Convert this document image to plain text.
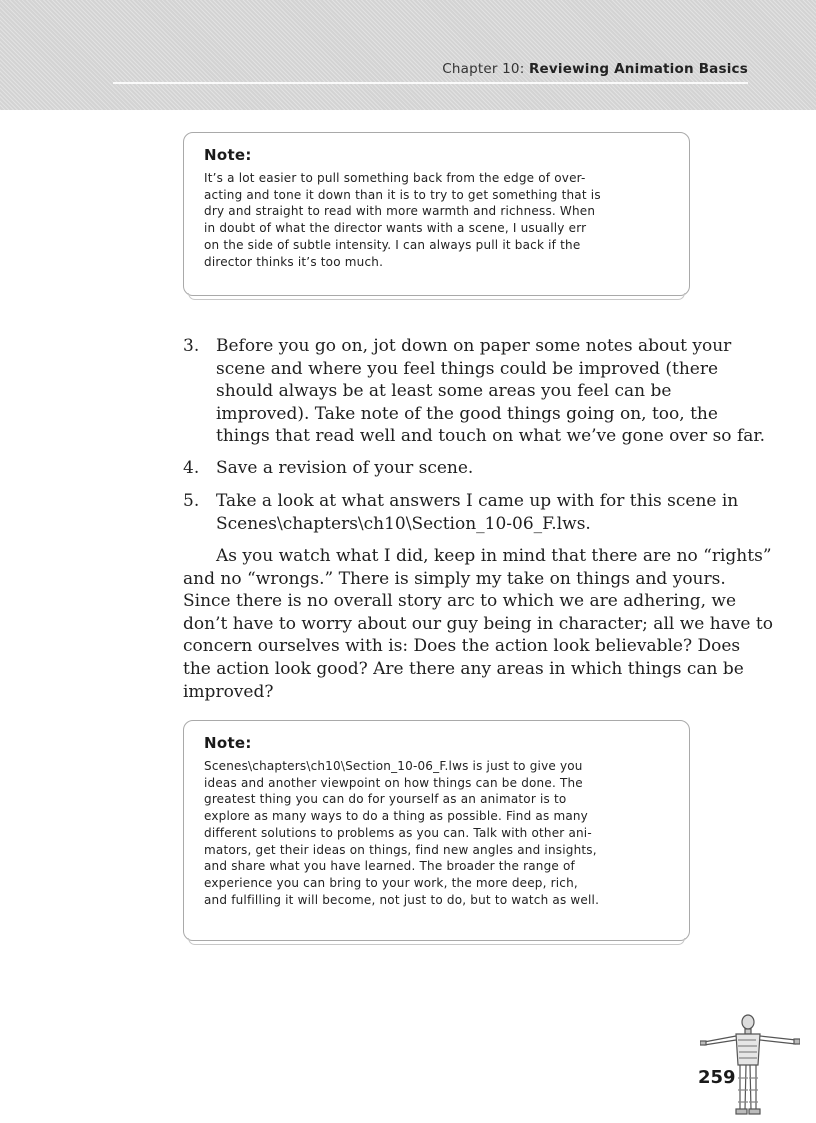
Chapter 10: Reviewing Animation Basics
Note:
It’s a lot easier to pull something back from the edge of over-
acting and tone it down than it is to try to get something that is
dry and straight to read with more warmth and richness. When
in doubt of what the director wants with a scene, I usually err
on the side of subtle intensity. I can always pull it back if the
director thinks it’s too much.
3. Before you go on, jot down on paper some notes about your
scene and where you feel things could be improved (there
should always be at least some areas you feel can be
improved). Take note of the good things going on, too, the
things that read well and touch on what we’ve gone over so far.
4. Save a revision of your scene.
5. Take a look at what answers I came up with for this scene in
Scenes\chapters\ch10\Section_10-06_F.lws.
As you watch what I did, keep in mind that there are no “rights”
and no “wrongs.” There is simply my take on things and yours.
Since there is no overall story arc to which we are adhering, we
don’t have to worry about our guy being in character; all we have to
concern ourselves with is: Does the action look believable? Does
the action look good? Are there any areas in which things can be
improved?
Note:
Scenes\chapters\ch10\Section_10-06_F.lws is just to give you
ideas and another viewpoint on how things can be done. The
greatest thing you can do for yourself as an animator is to
explore as many ways to do a thing as possible. Find as many
different solutions to problems as you can. Talk with other ani-
mators, get their ideas on things, find new angles and insights,
and share what you have learned. The broader the range of
experience you can bring to your work, the more deep, rich,
and fulfilling it will become, not just to do, but to watch as well.
259
